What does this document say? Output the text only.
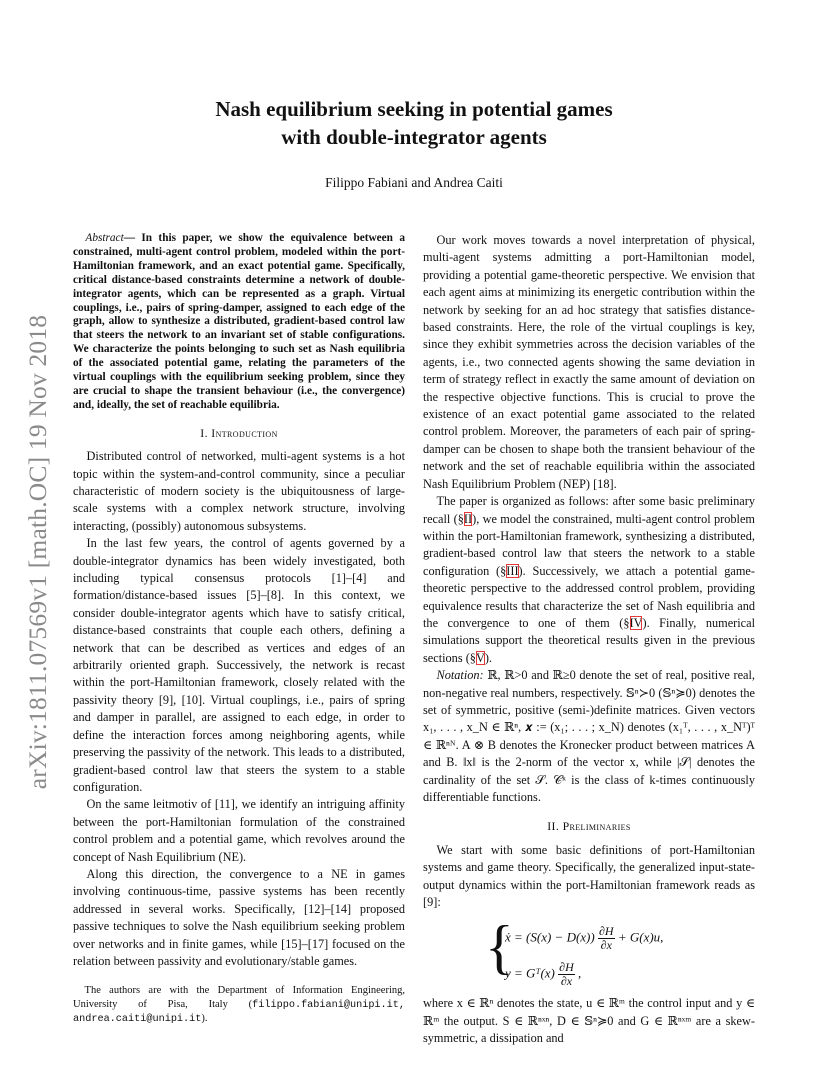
arXiv:1811.07569v1 [math.OC] 19 Nov 2018
Nash equilibrium seeking in potential games
with double-integrator agents
Filippo Fabiani and Andrea Caiti

Abstract— In this paper, we show the equivalence between a constrained, multi-agent control problem, modeled within the port-Hamiltonian framework, and an exact potential game. Specifically, critical distance-based constraints determine a network of double-integrator agents, which can be represented as a graph. Virtual couplings, i.e., pairs of spring-damper, assigned to each edge of the graph, allow to synthesize a distributed, gradient-based control law that steers the network to an invariant set of stable configurations. We characterize the points belonging to such set as Nash equilibria of the associated potential game, relating the parameters of the virtual couplings with the equilibrium seeking problem, since they are crucial to shape the transient behaviour (i.e., the convergence) and, ideally, the set of reachable equilibria.

I. Introduction

Distributed control of networked, multi-agent systems is a hot topic within the system-and-control community, since a peculiar characteristic of modern society is the ubiquitousness of large-scale systems with a complex network structure, involving interacting, (possibly) autonomous subsystems.

In the last few years, the control of agents governed by a double-integrator dynamics has been widely investigated, both including typical consensus protocols [1]–[4] and formation/distance-based issues [5]–[8]. In this context, we consider double-integrator agents which have to satisfy critical, distance-based constraints that couple each others, defining a network that can be described as vertices and edges of an arbitrarily oriented graph. Successively, the network is recast within the port-Hamiltonian framework, closely related with the passivity theory [9], [10]. Virtual couplings, i.e., pairs of spring and damper in parallel, are assigned to each edge, in order to define the interaction forces among neighboring agents, while preserving the passivity of the network. This leads to a distributed, gradient-based control law that steers the system to a stable configuration.

On the same leitmotiv of [11], we identify an intriguing affinity between the port-Hamiltonian formulation of the constrained control problem and a potential game, which revolves around the concept of Nash Equilibrium (NE).

Along this direction, the convergence to a NE in games involving continuous-time, passive systems has been recently addressed in several works. Specifically, [12]–[14] proposed passive techniques to solve the Nash equilibrium seeking problem over networks and in finite games, while [15]–[17] focused on the relation between passivity and evolutionary/stable games.

The authors are with the Department of Information Engineering, University of Pisa, Italy (filippo.fabiani@unipi.it, andrea.caiti@unipi.it).

Our work moves towards a novel interpretation of physical, multi-agent systems admitting a port-Hamiltonian model, providing a potential game-theoretic perspective. We envision that each agent aims at minimizing its energetic contribution within the network by seeking for an ad hoc strategy that satisfies distance-based constraints. Here, the role of the virtual couplings is key, since they exhibit symmetries across the decision variables of the agents, i.e., two connected agents showing the same deviation in term of strategy reflect in exactly the same amount of deviation on the respective objective functions. This is crucial to prove the existence of an exact potential game associated to the related control problem. Moreover, the parameters of each pair of spring-damper can be chosen to shape both the transient behaviour of the network and the set of reachable equilibria within the associated Nash Equilibrium Problem (NEP) [18].

The paper is organized as follows: after some basic preliminary recall (§II), we model the constrained, multi-agent control problem within the port-Hamiltonian framework, synthesizing a distributed, gradient-based control law that steers the network to a stable configuration (§III). Successively, we attach a potential game-theoretic perspective to the addressed control problem, providing equivalence results that characterize the set of Nash equilibria and the convergence to one of them (§IV). Finally, numerical simulations support the theoretical results given in the previous sections (§V).

Notation: ℝ, ℝ>0 and ℝ≥0 denote the set of real, positive real, non-negative real numbers, respectively. 𝕊ⁿ≻0 (𝕊ⁿ≽0) denotes the set of symmetric, positive (semi-)definite matrices. Given vectors x₁, . . . , x_N ∈ ℝⁿ, 𝒙 := (x₁; . . . ; x_N) denotes (x₁ᵀ, . . . , x_Nᵀ)ᵀ ∈ ℝⁿᴺ. A ⊗ B denotes the Kronecker product between matrices A and B. ‖x‖ is the 2-norm of the vector x, while |𝒮| denotes the cardinality of the set 𝒮. 𝒞ᵏ is the class of k-times continuously differentiable functions.

II. Preliminaries

We start with some basic definitions of port-Hamiltonian systems and game theory. Specifically, the generalized input-state-output dynamics within the port-Hamiltonian framework reads as [9]:

{
ẋ = $(S(x) - D(x)) \frac{\partial H}{\partial x} + G(x)u$,
y = Gᵀ(x) $\frac{\partial H}{\partial x}$ ,

where x ∈ ℝⁿ denotes the state, u ∈ ℝᵐ the control input and y ∈ ℝᵐ the output. S ∈ ℝⁿˣⁿ, D ∈ 𝕊ⁿ≽0 and G ∈ ℝⁿˣᵐ are a skew-symmetric, a dissipation and
